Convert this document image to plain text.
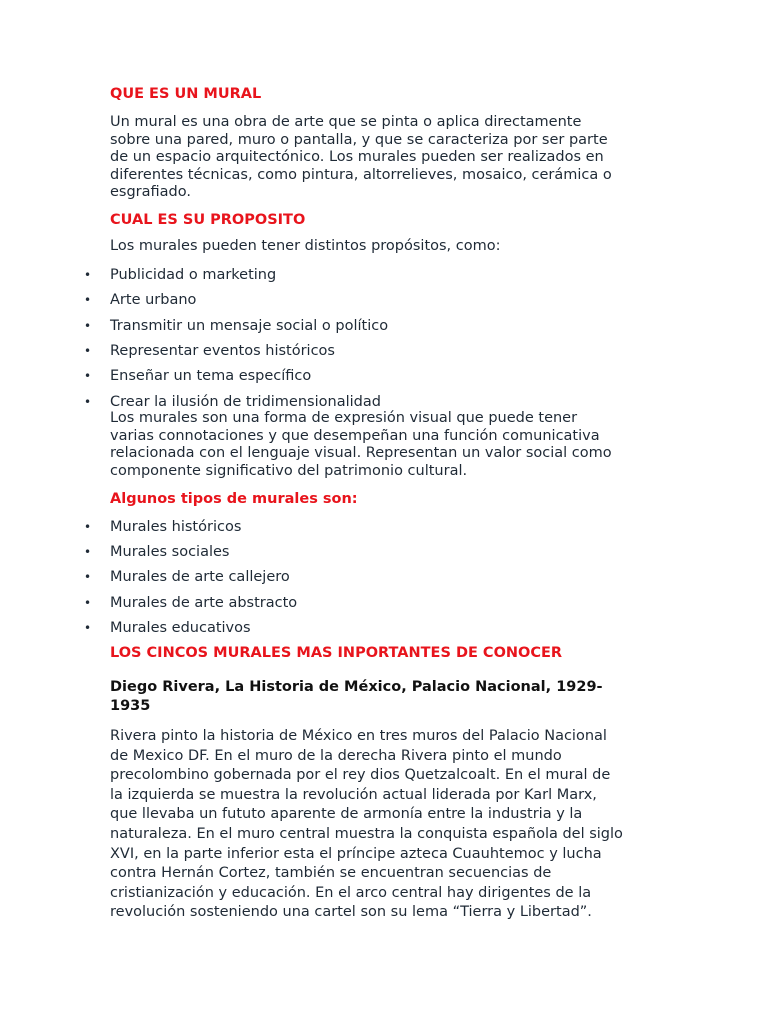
QUE ES UN MURAL
Un mural es una obra de arte que se pinta o aplica directamente
sobre una pared, muro o pantalla, y que se caracteriza por ser parte
de un espacio arquitectónico. Los murales pueden ser realizados en
diferentes técnicas, como pintura, altorrelieves, mosaico, cerámica o
esgrafiado.
CUAL ES SU PROPOSITO
Los murales pueden tener distintos propósitos, como:
• Publicidad o marketing
• Arte urbano
• Transmitir un mensaje social o político
• Representar eventos históricos
• Enseñar un tema específico
• Crear la ilusión de tridimensionalidad
Los murales son una forma de expresión visual que puede tener
varias connotaciones y que desempeñan una función comunicativa
relacionada con el lenguaje visual. Representan un valor social como
componente significativo del patrimonio cultural.
Algunos tipos de murales son:
• Murales históricos
• Murales sociales
• Murales de arte callejero
• Murales de arte abstracto
• Murales educativos
LOS CINCOS MURALES MAS INPORTANTES DE CONOCER
Diego Rivera, La Historia de México, Palacio Nacional, 1929-
1935
Rivera pinto la historia de México en tres muros del Palacio Nacional
de Mexico DF. En el muro de la derecha Rivera pinto el mundo
precolombino gobernada por el rey dios Quetzalcoalt. En el mural de
la izquierda se muestra la revolución actual liderada por Karl Marx,
que llevaba un fututo aparente de armonía entre la industria y la
naturaleza. En el muro central muestra la conquista española del siglo
XVI, en la parte inferior esta el príncipe azteca Cuauhtemoc y lucha
contra Hernán Cortez, también se encuentran secuencias de
cristianización y educación. En el arco central hay dirigentes de la
revolución sosteniendo una cartel son su lema “Tierra y Libertad”.
